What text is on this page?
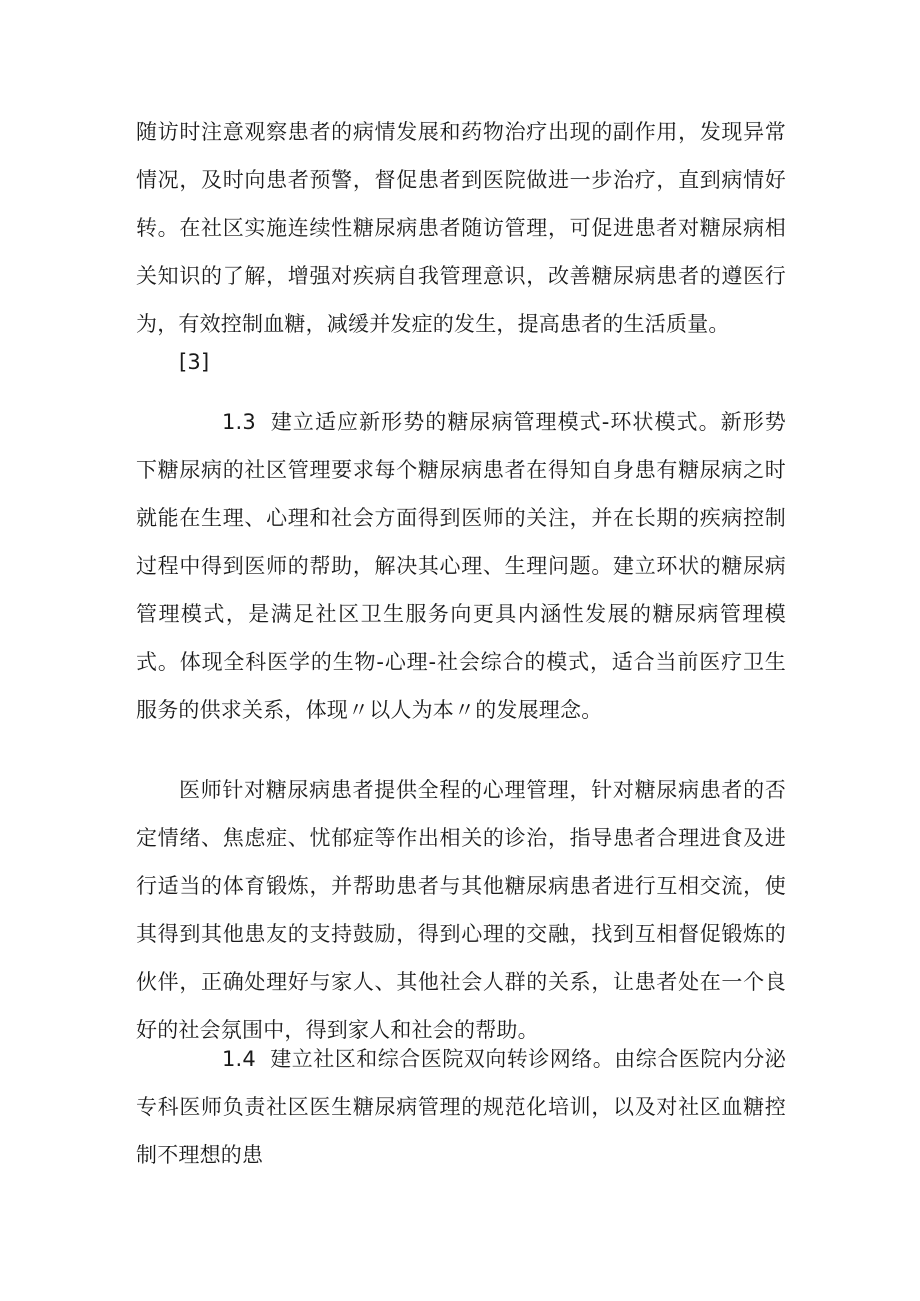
随访时注意观察患者的病情发展和药物治疗出现的副作用，发现异常情况，及时向患者预警，督促患者到医院做进一步治疗，直到病情好转。在社区实施连续性糖尿病患者随访管理，可促进患者对糖尿病相关知识的了解，增强对疾病自我管理意识，改善糖尿病患者的遵医行为，有效控制血糖，减缓并发症的发生，提高患者的生活质量。

[3]

1.3 建立适应新形势的糖尿病管理模式-环状模式。新形势下糖尿病的社区管理要求每个糖尿病患者在得知自身患有糖尿病之时就能在生理、心理和社会方面得到医师的关注，并在长期的疾病控制过程中得到医师的帮助，解决其心理、生理问题。建立环状的糖尿病管理模式，是满足社区卫生服务向更具内涵性发展的糖尿病管理模式。体现全科医学的生物-心理-社会综合的模式，适合当前医疗卫生服务的供求关系，体现〃以人为本〃的发展理念。

医师针对糖尿病患者提供全程的心理管理，针对糖尿病患者的否定情绪、焦虑症、忧郁症等作出相关的诊治，指导患者合理进食及进行适当的体育锻炼，并帮助患者与其他糖尿病患者进行互相交流，使其得到其他患友的支持鼓励，得到心理的交融，找到互相督促锻炼的伙伴，正确处理好与家人、其他社会人群的关系，让患者处在一个良好的社会氛围中，得到家人和社会的帮助。

1.4 建立社区和综合医院双向转诊网络。由综合医院内分泌专科医师负责社区医生糖尿病管理的规范化培训，以及对社区血糖控制不理想的患
